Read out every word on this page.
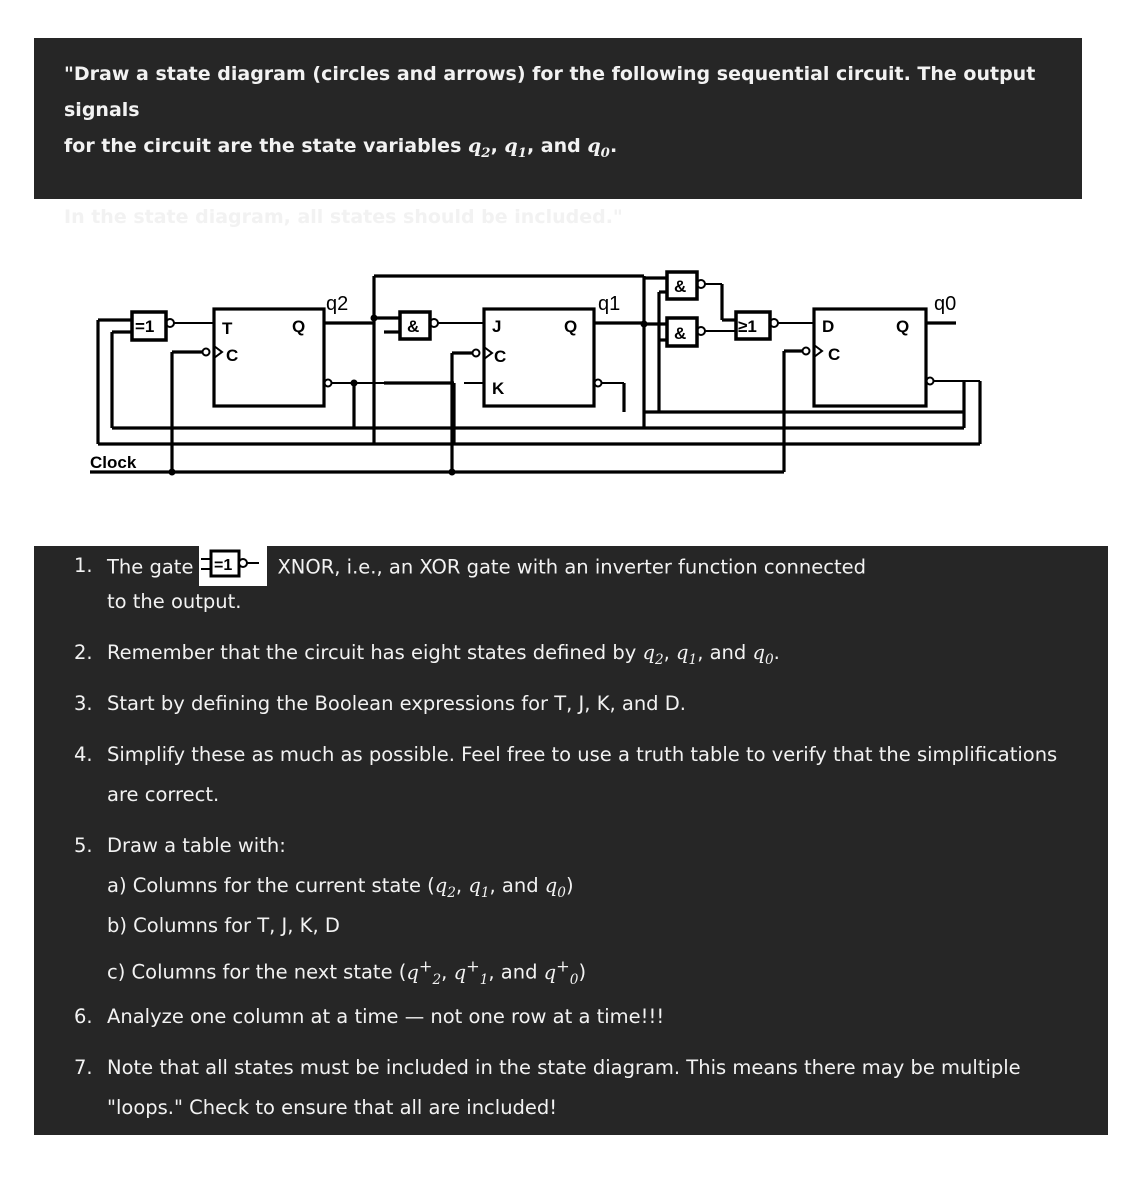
"Draw a state diagram (circles and arrows) for the following sequential circuit. The output signals

for the circuit are the state variables $q_2$, $q_1$, and $q_0$.

In the state diagram, all states should be included."

=1	T
C
Q	&	J
C
K
Q
&
&	≥1	D
C
Q
Clock
q2	q1	q0
1. The gate =1 XNOR, i.e., an XOR gate with an inverter function connected
to the output.
2. Remember that the circuit has eight states defined by $q_2$, $q_1$, and $q_0$.
3. Start by defining the Boolean expressions for T, J, K, and D.
4. Simplify these as much as possible. Feel free to use a truth table to verify that the simplifications
are correct.
5. Draw a table with:
a) Columns for the current state ($q_2$, $q_1$, and $q_0$)
b) Columns for T, J, K, D
c) Columns for the next state ($q^+_2$, $q^+_1$, and $q^+_0$)
6. Analyze one column at a time — not one row at a time!!!
7. Note that all states must be included in the state diagram. This means there may be multiple
"loops." Check to ensure that all are included!
